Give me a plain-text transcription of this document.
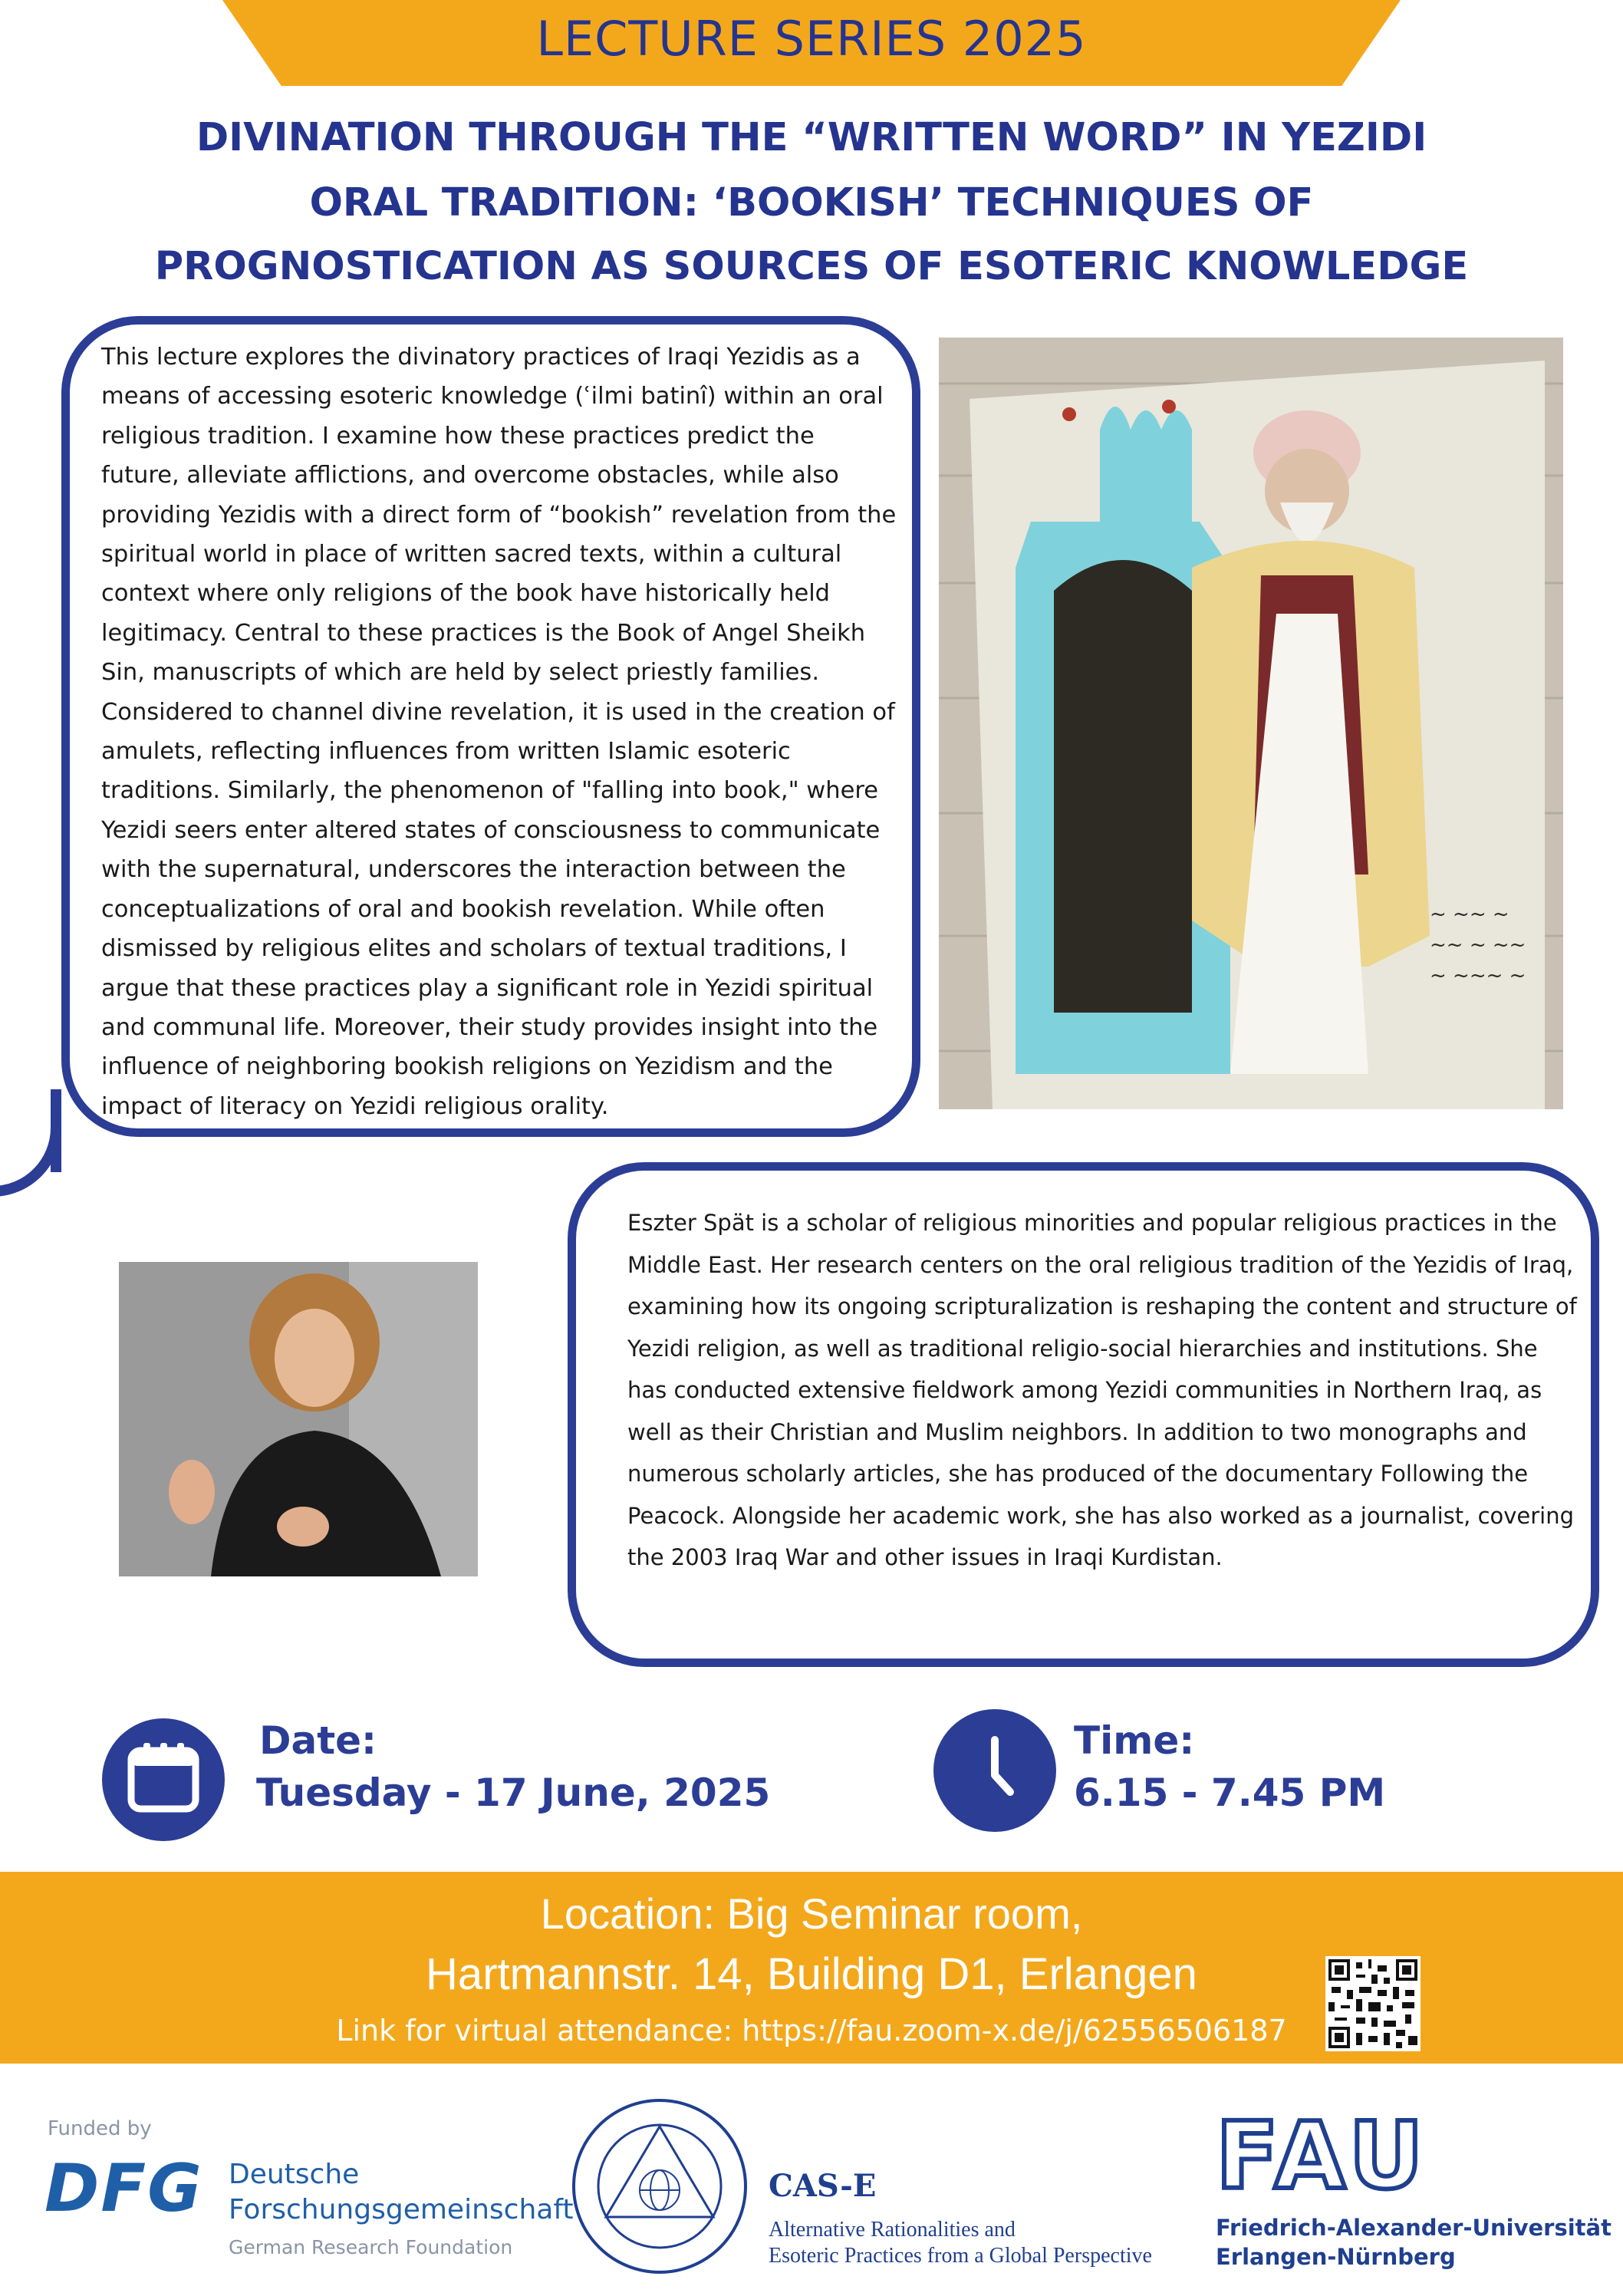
LECTURE SERIES 2025
DIVINATION THROUGH THE “WRITTEN WORD” IN YEZIDI
ORAL TRADITION: ‘BOOKISH’ TECHNIQUES OF
PROGNOSTICATION AS SOURCES OF ESOTERIC KNOWLEDGE

This lecture explores the divinatory practices of Iraqi Yezidis as a means of accessing esoteric knowledge (ʿilmi batinî) within an oral religious tradition. I examine how these practices predict the future, alleviate afflictions, and overcome obstacles, while also providing Yezidis with a direct form of “bookish” revelation from the spiritual world in place of written sacred texts, within a cultural context where only religions of the book have historically held legitimacy. Central to these practices is the Book of Angel Sheikh Sin, manuscripts of which are held by select priestly families. Considered to channel divine revelation, it is used in the creation of amulets, reflecting influences from written Islamic esoteric traditions. Similarly, the phenomenon of "falling into book," where Yezidi seers enter altered states of consciousness to communicate with the supernatural, underscores the interaction between the conceptualizations of oral and bookish revelation. While often dismissed by religious elites and scholars of textual traditions, I argue that these practices play a significant role in Yezidi spiritual and communal life. Moreover, their study provides insight into the influence of neighboring bookish religions on Yezidism and the impact of literacy on Yezidi religious orality.

~ ~~ ~
~~ ~ ~~
~ ~~~ ~

Eszter Spät is a scholar of religious minorities and popular religious practices in the Middle East. Her research centers on the oral religious tradition of the Yezidis of Iraq, examining how its ongoing scripturalization is reshaping the content and structure of Yezidi religion, as well as traditional religio-social hierarchies and institutions. She has conducted extensive fieldwork among Yezidi communities in Northern Iraq, as well as their Christian and Muslim neighbors. In addition to two monographs and numerous scholarly articles, she has produced of the documentary Following the Peacock. Alongside her academic work, she has also worked as a journalist, covering the 2003 Iraq War and other issues in Iraqi Kurdistan.

Date:
Tuesday - 17 June, 2025
Time:
6.15 - 7.45 PM
Location: Big Seminar room,
Hartmannstr. 14, Building D1, Erlangen
Link for virtual attendance: https://fau.zoom-x.de/j/62556506187
Funded by
DFG Deutsche
Forschungsgemeinschaft
German Research Foundation
CAS-E
Alternative Rationalities and
Esoteric Practices from a Global Perspective
FAU
Friedrich-Alexander-Universität
Erlangen-Nürnberg
